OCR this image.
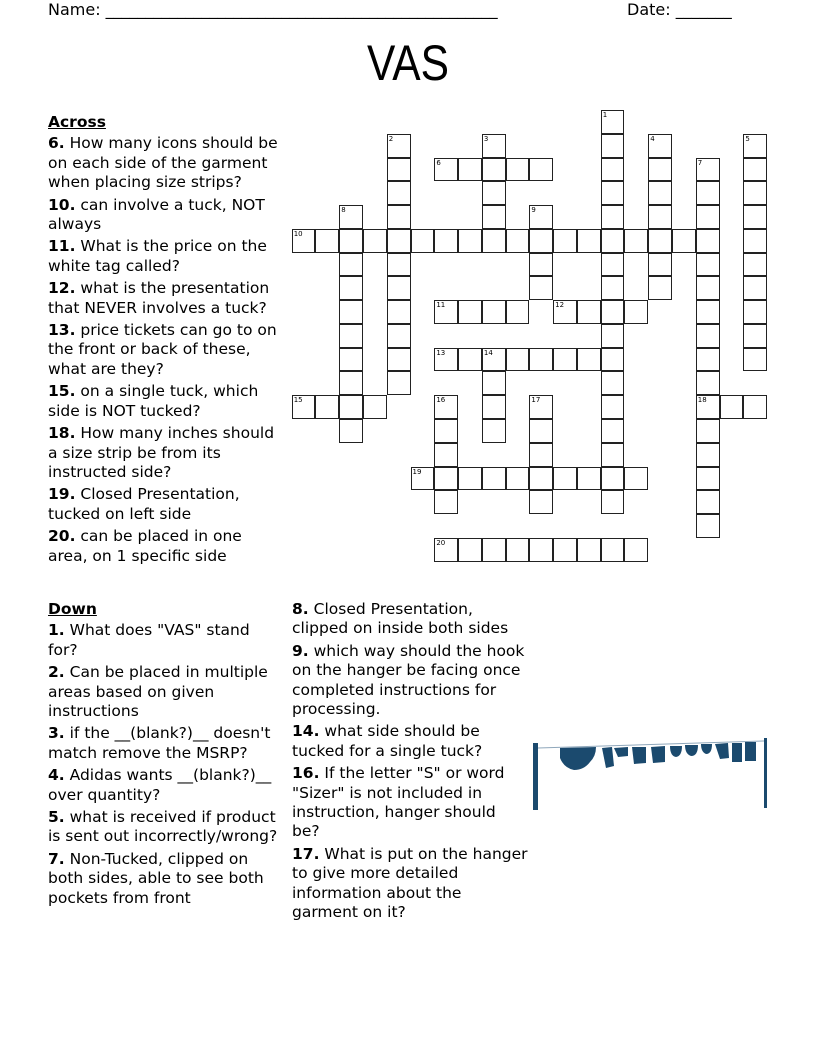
Name: _________________________________________________	Date: _______
VAS
1
2	3	4	5
6	7
18
8	9
10
11	12
13	14
15	16	17
19
20
Across
6. How many icons should be on each side of the garment when placing size strips?
10. can involve a tuck, NOT always
11. What is the price on the white tag called?
12. what is the presentation that NEVER involves a tuck?
13. price tickets can go to on the front or back of these, what are they?
15. on a single tuck, which side is NOT tucked?
18. How many inches should a size strip be from its instructed side?
19. Closed Presentation, tucked on left side
20. can be placed in one area, on 1 specific side
Down
1. What does "VAS" stand for?
2. Can be placed in multiple areas based on given instructions
3. if the __(blank?)__ doesn't match remove the MSRP?
4. Adidas wants __(blank?)__ over quantity?
5. what is received if product is sent out incorrectly/wrong?
7. Non-Tucked, clipped on both sides, able to see both pockets from front
8. Closed Presentation, clipped on inside both sides
9. which way should the hook on the hanger be facing once completed instructions for processing.
14. what side should be tucked for a single tuck?
16. If the letter "S" or word "Sizer" is not included in instruction, hanger should be?
17. What is put on the hanger to give more detailed information about the garment on it?
